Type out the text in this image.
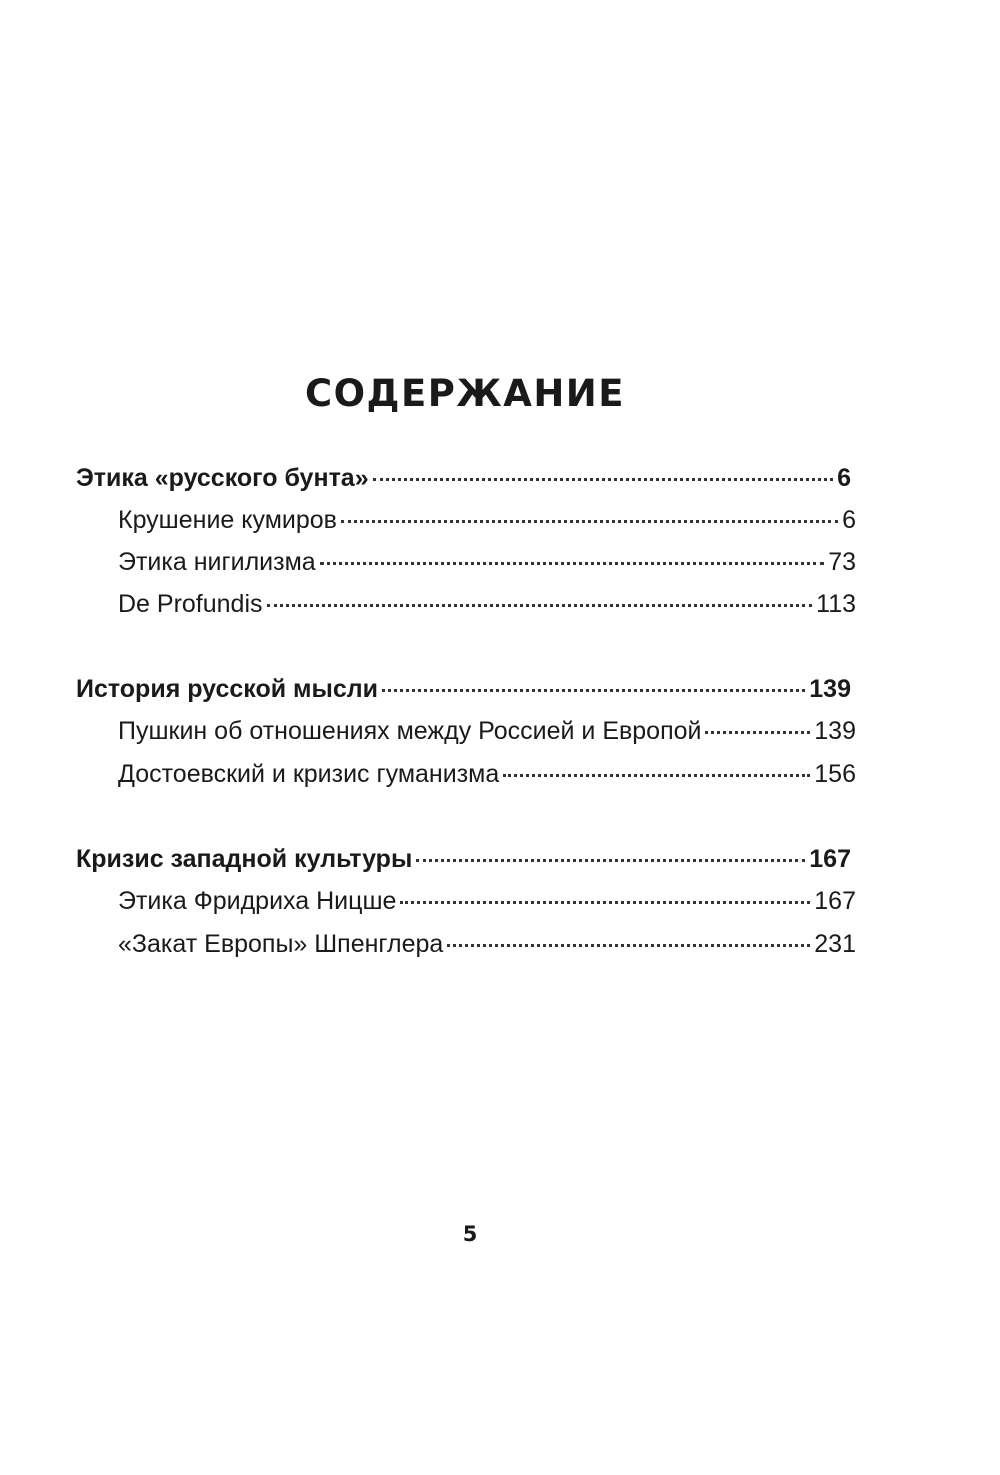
СОДЕРЖАНИЕ
Этика «русского бунта»	6
Крушение кумиров	6
Этика нигилизма	73
De Profundis	113
История русской мысли	139
Пушкин об отношениях между Россией и Европой	139
Достоевский и кризис гуманизма	156
Кризис западной культуры	167
Этика Фридриха Ницше	167
«Закат Европы» Шпенглера	231
5
